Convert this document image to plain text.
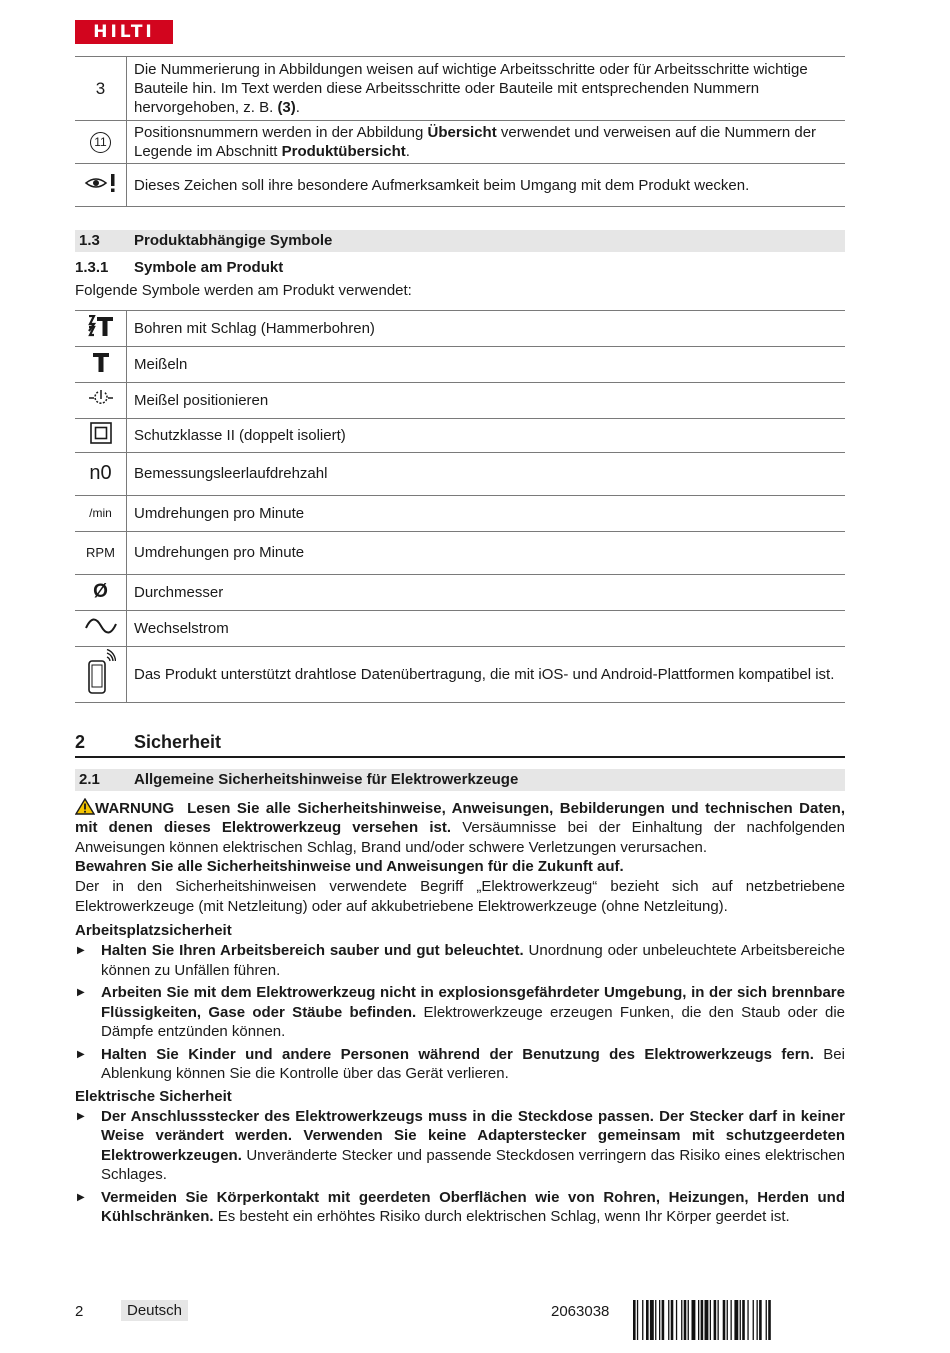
HILTI
3	Die Nummerierung in Abbildungen weisen auf wichtige Arbeitsschritte oder für Arbeitsschritte wichtige Bauteile hin. Im Text werden diese Arbeitsschritte oder Bauteile mit entsprechenden Nummern hervorgehoben, z. B. (3).
11	Positionsnummern werden in der Abbildung Übersicht verwendet und verweisen auf die Nummern der Legende im Abschnitt Produktübersicht.
	Dieses Zeichen soll ihre besondere Aufmerksamkeit beim Umgang mit dem Produkt wecken.
1.3	Produktabhängige Symbole
1.3.1	Symbole am Produkt

Folgende Symbole werden am Produkt verwendet:

	Bohren mit Schlag (Hammerbohren)
	Meißeln
	Meißel positionieren
	Schutzklasse II (doppelt isoliert)
n0	Bemessungsleerlaufdrehzahl
/min	Umdrehungen pro Minute
RPM	Umdrehungen pro Minute
Ø	Durchmesser
	Wechselstrom
	Das Produkt unterstützt drahtlose Datenübertragung, die mit iOS- und Android-Plattformen kompatibel ist.
2	Sicherheit
2.1	Allgemeine Sicherheitshinweise für Elektrowerkzeuge

WARNUNG Lesen Sie alle Sicherheitshinweise, Anweisungen, Bebilderungen und technischen Daten, mit denen dieses Elektrowerkzeug versehen ist. Versäumnisse bei der Einhaltung der nachfolgenden Anweisungen können elektrischen Schlag, Brand und/oder schwere Verletzungen verursachen.

Bewahren Sie alle Sicherheitshinweise und Anweisungen für die Zukunft auf.

Der in den Sicherheitshinweisen verwendete Begriff „Elektrowerkzeug“ bezieht sich auf netzbetriebene Elektrowerkzeuge (mit Netzleitung) oder auf akkubetriebene Elektrowerkzeuge (ohne Netzleitung).

Arbeitsplatzsicherheit

▶ Halten Sie Ihren Arbeitsbereich sauber und gut beleuchtet. Unordnung oder unbeleuchtete Arbeitsbereiche können zu Unfällen führen.
▶ Arbeiten Sie mit dem Elektrowerkzeug nicht in explosionsgefährdeter Umgebung, in der sich brennbare Flüssigkeiten, Gase oder Stäube befinden. Elektrowerkzeuge erzeugen Funken, die den Staub oder die Dämpfe entzünden können.
▶ Halten Sie Kinder und andere Personen während der Benutzung des Elektrowerkzeugs fern. Bei Ablenkung können Sie die Kontrolle über das Gerät verlieren.

Elektrische Sicherheit

▶ Der Anschlussstecker des Elektrowerkzeugs muss in die Steckdose passen. Der Stecker darf in keiner Weise verändert werden. Verwenden Sie keine Adapterstecker gemeinsam mit schutzgeerdeten Elektrowerkzeugen. Unveränderte Stecker und passende Steckdosen verringern das Risiko eines elektrischen Schlages.
▶ Vermeiden Sie Körperkontakt mit geerdeten Oberflächen wie von Rohren, Heizungen, Herden und Kühlschränken. Es besteht ein erhöhtes Risiko durch elektrischen Schlag, wenn Ihr Körper geerdet ist.
2	Deutsch	2063038
